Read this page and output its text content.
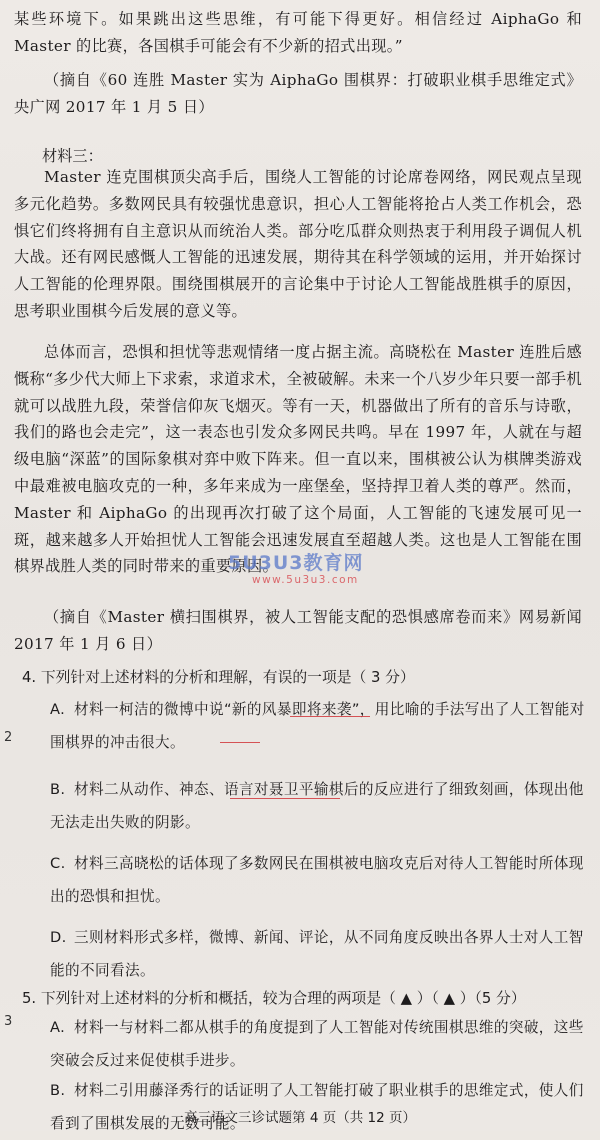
某些环境下。如果跳出这些思维，有可能下得更好。相信经过 AiphaGo 和 Master 的比赛，各国棋手可能会有不少新的招式出现。”
（摘自《60 连胜 Master 实为 AiphaGo 围棋界：打破职业棋手思维定式》央广网 2017 年 1 月 5 日）
材料三：
Master 连克围棋顶尖高手后，围绕人工智能的讨论席卷网络，网民观点呈现多元化趋势。多数网民具有较强忧患意识，担心人工智能将抢占人类工作机会，恐惧它们终将拥有自主意识从而统治人类。部分吃瓜群众则热衷于利用段子调侃人机大战。还有网民感慨人工智能的迅速发展，期待其在科学领域的运用，并开始探讨人工智能的伦理界限。围绕围棋展开的言论集中于讨论人工智能战胜棋手的原因，思考职业围棋今后发展的意义等。
总体而言，恐惧和担忧等悲观情绪一度占据主流。高晓松在 Master 连胜后感慨称“多少代大师上下求索，求道求术，全被破解。未来一个八岁少年只要一部手机就可以战胜九段，荣誉信仰灰飞烟灭。等有一天，机器做出了所有的音乐与诗歌，我们的路也会走完”，这一表态也引发众多网民共鸣。早在 1997 年，人就在与超级电脑“深蓝”的国际象棋对弈中败下阵来。但一直以来，围棋被公认为棋牌类游戏中最难被电脑攻克的一种，多年来成为一座堡垒，坚持捍卫着人类的尊严。然而，Master 和 AiphaGo 的出现再次打破了这个局面，人工智能的飞速发展可见一斑，越来越多人开始担忧人工智能会迅速发展直至超越人类。这也是人工智能在围棋界战胜人类的同时带来的重要原因。
（摘自《Master 横扫围棋界，被人工智能支配的恐惧感席卷而来》网易新闻 2017 年 1 月 6 日）
5U3U3教育网
www.5u3u3.com
4. 下列针对上述材料的分析和理解，有误的一项是（ 3 分）
A. 材料一柯洁的微博中说“新的风暴即将来袭”，用比喻的手法写出了人工智能对围棋界的冲击很大。
B. 材料二从动作、神态、语言对聂卫平输棋后的反应进行了细致刻画，体现出他无法走出失败的阴影。
C. 材料三高晓松的话体现了多数网民在围棋被电脑攻克后对待人工智能时所体现出的恐惧和担忧。
D. 三则材料形式多样，微博、新闻、评论，从不同角度反映出各界人士对人工智能的不同看法。
5. 下列针对上述材料的分析和概括，较为合理的两项是（ ▲ ）（ ▲ ）（5 分）
A. 材料一与材料二都从棋手的角度提到了人工智能对传统围棋思维的突破，这些突破会反过来促使棋手进步。
B. 材料二引用藤泽秀行的话证明了人工智能打破了职业棋手的思维定式，使人们看到了围棋发展的无数可能。
2
3
高三语文三诊试题第 4 页（共 12 页）
